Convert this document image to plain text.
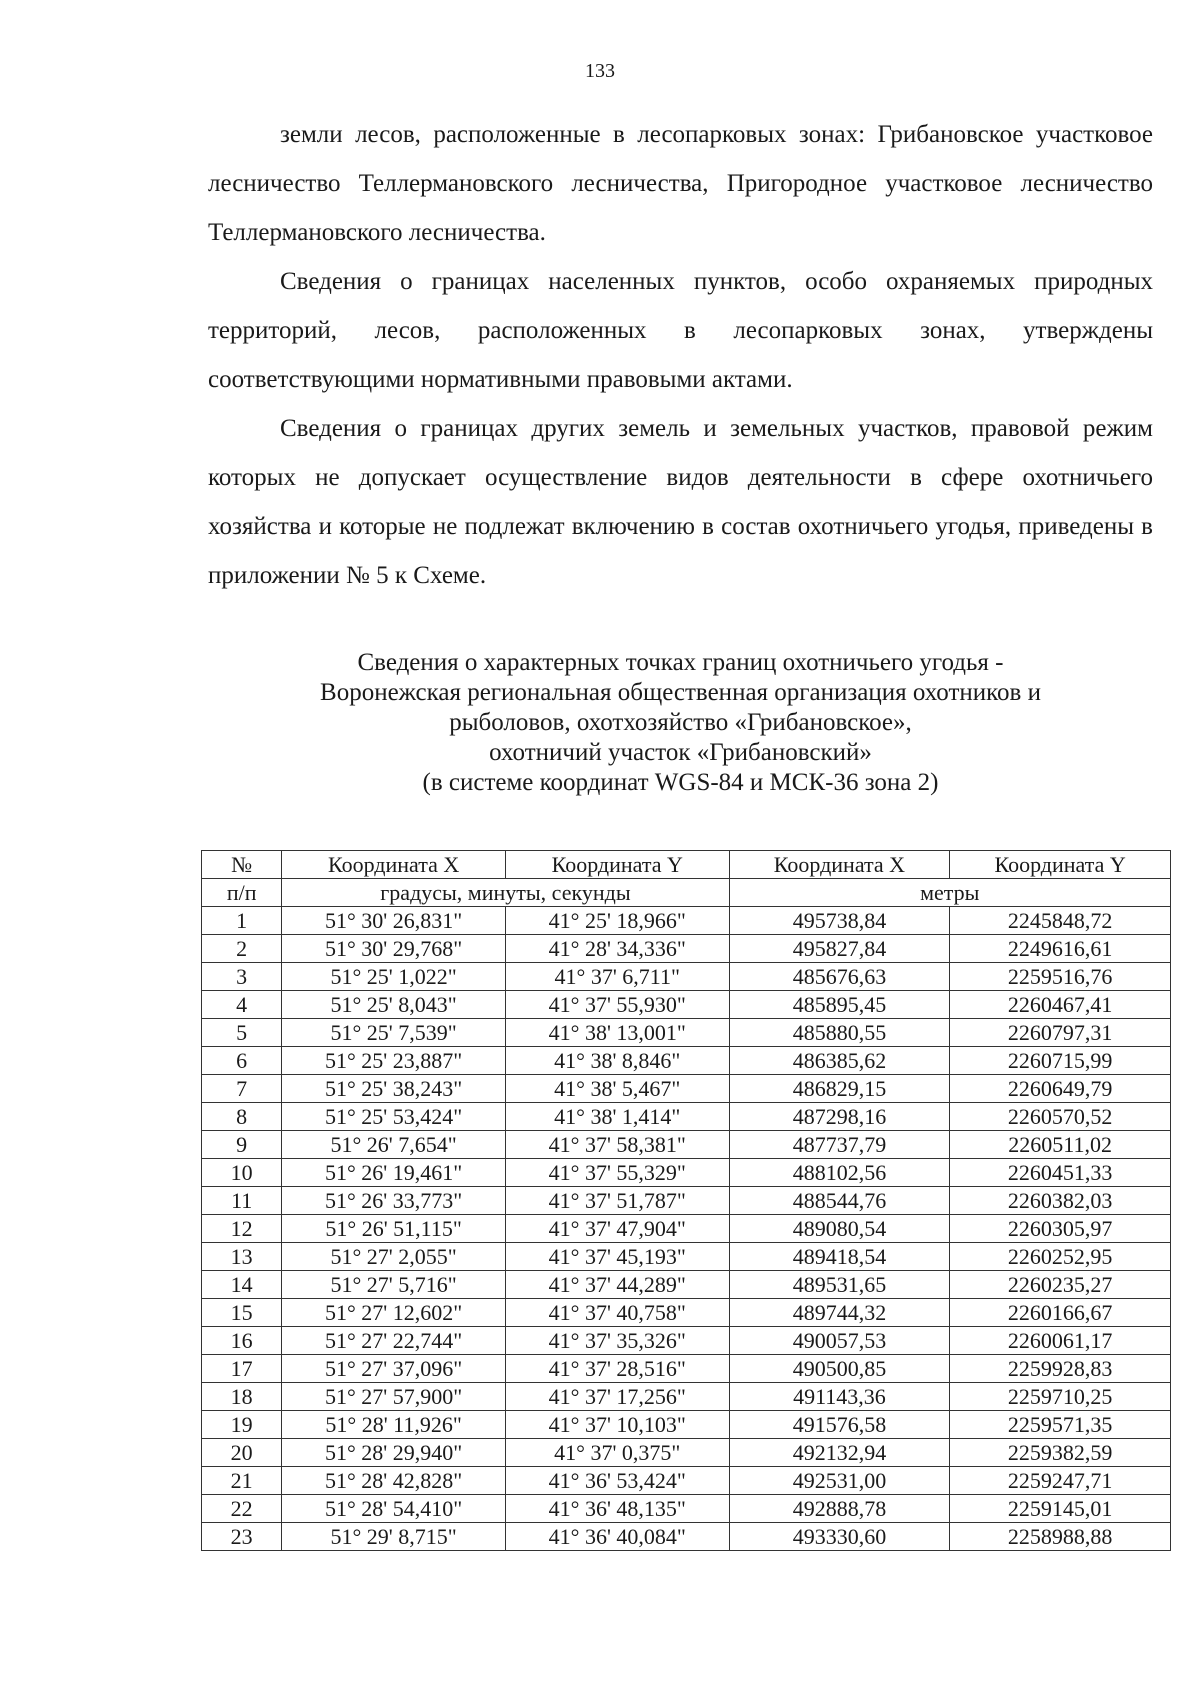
133

земли лесов, расположенные в лесопарковых зонах: Грибановское участковое лесничество Теллермановского лесничества, Пригородное участковое лесничество Теллермановского лесничества.

Сведения о границах населенных пунктов, особо охраняемых природных территорий, лесов, расположенных в лесопарковых зонах, утверждены соответствующими нормативными правовыми актами.

Сведения о границах других земель и земельных участков, правовой режим которых не допускает осуществление видов деятельности в сфере охотничьего хозяйства и которые не подлежат включению в состав охотничьего угодья, приведены в приложении № 5 к Схеме.

Сведения о характерных точках границ охотничьего угодья -
Воронежская региональная общественная организация охотников и
рыболовов, охотхозяйство «Грибановское»,
охотничий участок «Грибановский»
(в системе координат WGS-84 и МСК-36 зона 2)
№	Координата X	Координата Y	Координата X	Координата Y
п/п	градусы, минуты, секунды		метры	
1	51° 30' 26,831"	41° 25' 18,966"	495738,84	2245848,72
2	51° 30' 29,768"	41° 28' 34,336"	495827,84	2249616,61
3	51° 25' 1,022"	41° 37' 6,711"	485676,63	2259516,76
4	51° 25' 8,043"	41° 37' 55,930"	485895,45	2260467,41
5	51° 25' 7,539"	41° 38' 13,001"	485880,55	2260797,31
6	51° 25' 23,887"	41° 38' 8,846"	486385,62	2260715,99
7	51° 25' 38,243"	41° 38' 5,467"	486829,15	2260649,79
8	51° 25' 53,424"	41° 38' 1,414"	487298,16	2260570,52
9	51° 26' 7,654"	41° 37' 58,381"	487737,79	2260511,02
10	51° 26' 19,461"	41° 37' 55,329"	488102,56	2260451,33
11	51° 26' 33,773"	41° 37' 51,787"	488544,76	2260382,03
12	51° 26' 51,115"	41° 37' 47,904"	489080,54	2260305,97
13	51° 27' 2,055"	41° 37' 45,193"	489418,54	2260252,95
14	51° 27' 5,716"	41° 37' 44,289"	489531,65	2260235,27
15	51° 27' 12,602"	41° 37' 40,758"	489744,32	2260166,67
16	51° 27' 22,744"	41° 37' 35,326"	490057,53	2260061,17
17	51° 27' 37,096"	41° 37' 28,516"	490500,85	2259928,83
18	51° 27' 57,900"	41° 37' 17,256"	491143,36	2259710,25
19	51° 28' 11,926"	41° 37' 10,103"	491576,58	2259571,35
20	51° 28' 29,940"	41° 37' 0,375"	492132,94	2259382,59
21	51° 28' 42,828"	41° 36' 53,424"	492531,00	2259247,71
22	51° 28' 54,410"	41° 36' 48,135"	492888,78	2259145,01
23	51° 29' 8,715"	41° 36' 40,084"	493330,60	2258988,88
